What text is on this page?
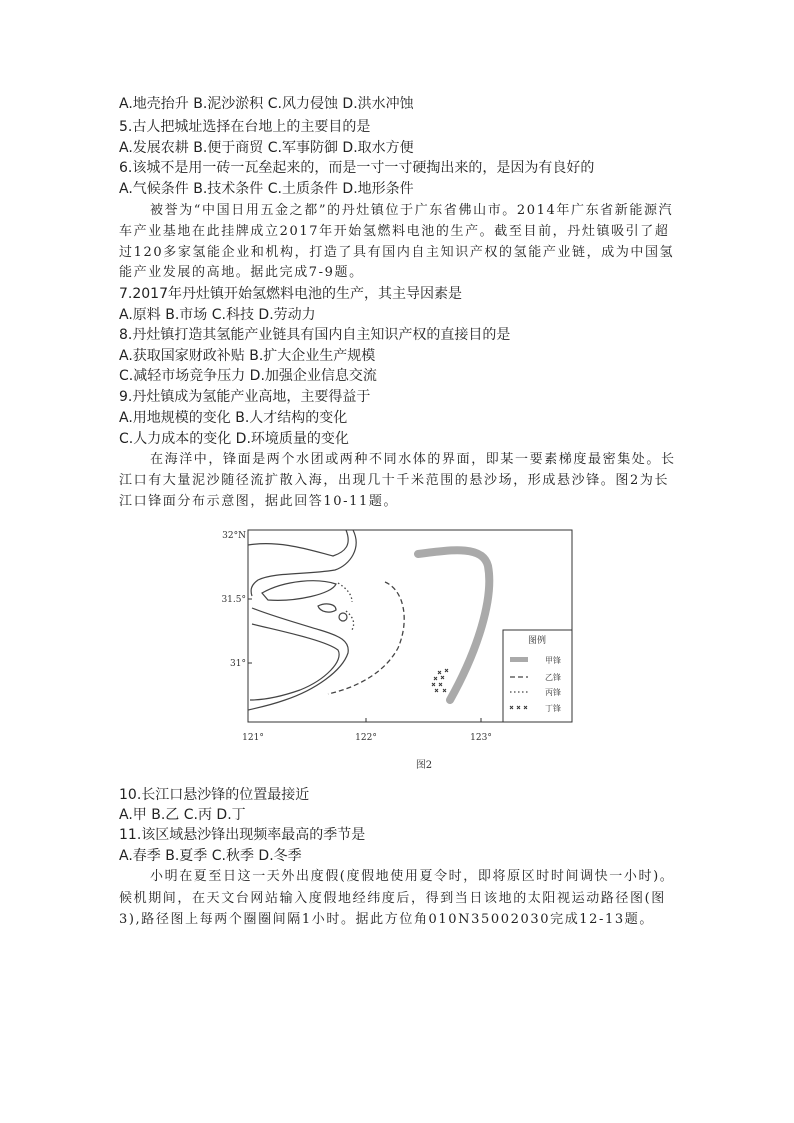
A.地壳抬升 B.泥沙淤积 C.风力侵蚀 D.洪水冲蚀
5.古人把城址选择在台地上的主要目的是
A.发展农耕 B.便于商贸 C.军事防御 D.取水方便
6.该城不是用一砖一瓦垒起来的，而是一寸一寸硬掏出来的，是因为有良好的
A.气候条件 B.技术条件 C.土质条件 D.地形条件
被誉为“中国日用五金之都”的丹灶镇位于广东省佛山市。2014年广东省新能源汽
车产业基地在此挂牌成立2017年开始氢燃料电池的生产。截至目前，丹灶镇吸引了超
过120多家氢能企业和机构，打造了具有国内自主知识产权的氢能产业链，成为中国氢
能产业发展的高地。据此完成7-9题。
7.2017年丹灶镇开始氢燃料电池的生产，其主导因素是
A.原料 B.市场 C.科技 D.劳动力
8.丹灶镇打造其氢能产业链具有国内自主知识产权的直接目的是
A.获取国家财政补贴 B.扩大企业生产规模
C.减轻市场竞争压力 D.加强企业信息交流
9.丹灶镇成为氢能产业高地，主要得益于
A.用地规模的变化 B.人才结构的变化
C.人力成本的变化 D.环境质量的变化
在海洋中，锋面是两个水团或两种不同水体的界面，即某一要素梯度最密集处。长
江口有大量泥沙随径流扩散入海，出现几十千米范围的悬沙场，形成悬沙锋。图2为长
江口锋面分布示意图，据此回答10-11题。
32°N
31.5°
31°
121°	122°	123°
图例
甲锋
乙锋
丙锋
丁锋
图2
10.长江口悬沙锋的位置最接近
A.甲 B.乙 C.丙 D.丁
11.该区域悬沙锋出现频率最高的季节是
A.春季 B.夏季 C.秋季 D.冬季
小明在夏至日这一天外出度假(度假地使用夏令时，即将原区时时间调快一小时)。
候机期间，在天文台网站输入度假地经纬度后，得到当日该地的太阳视运动路径图(图
3),路径图上每两个圈圈间隔1小时。据此方位角010N35002030完成12-13题。
